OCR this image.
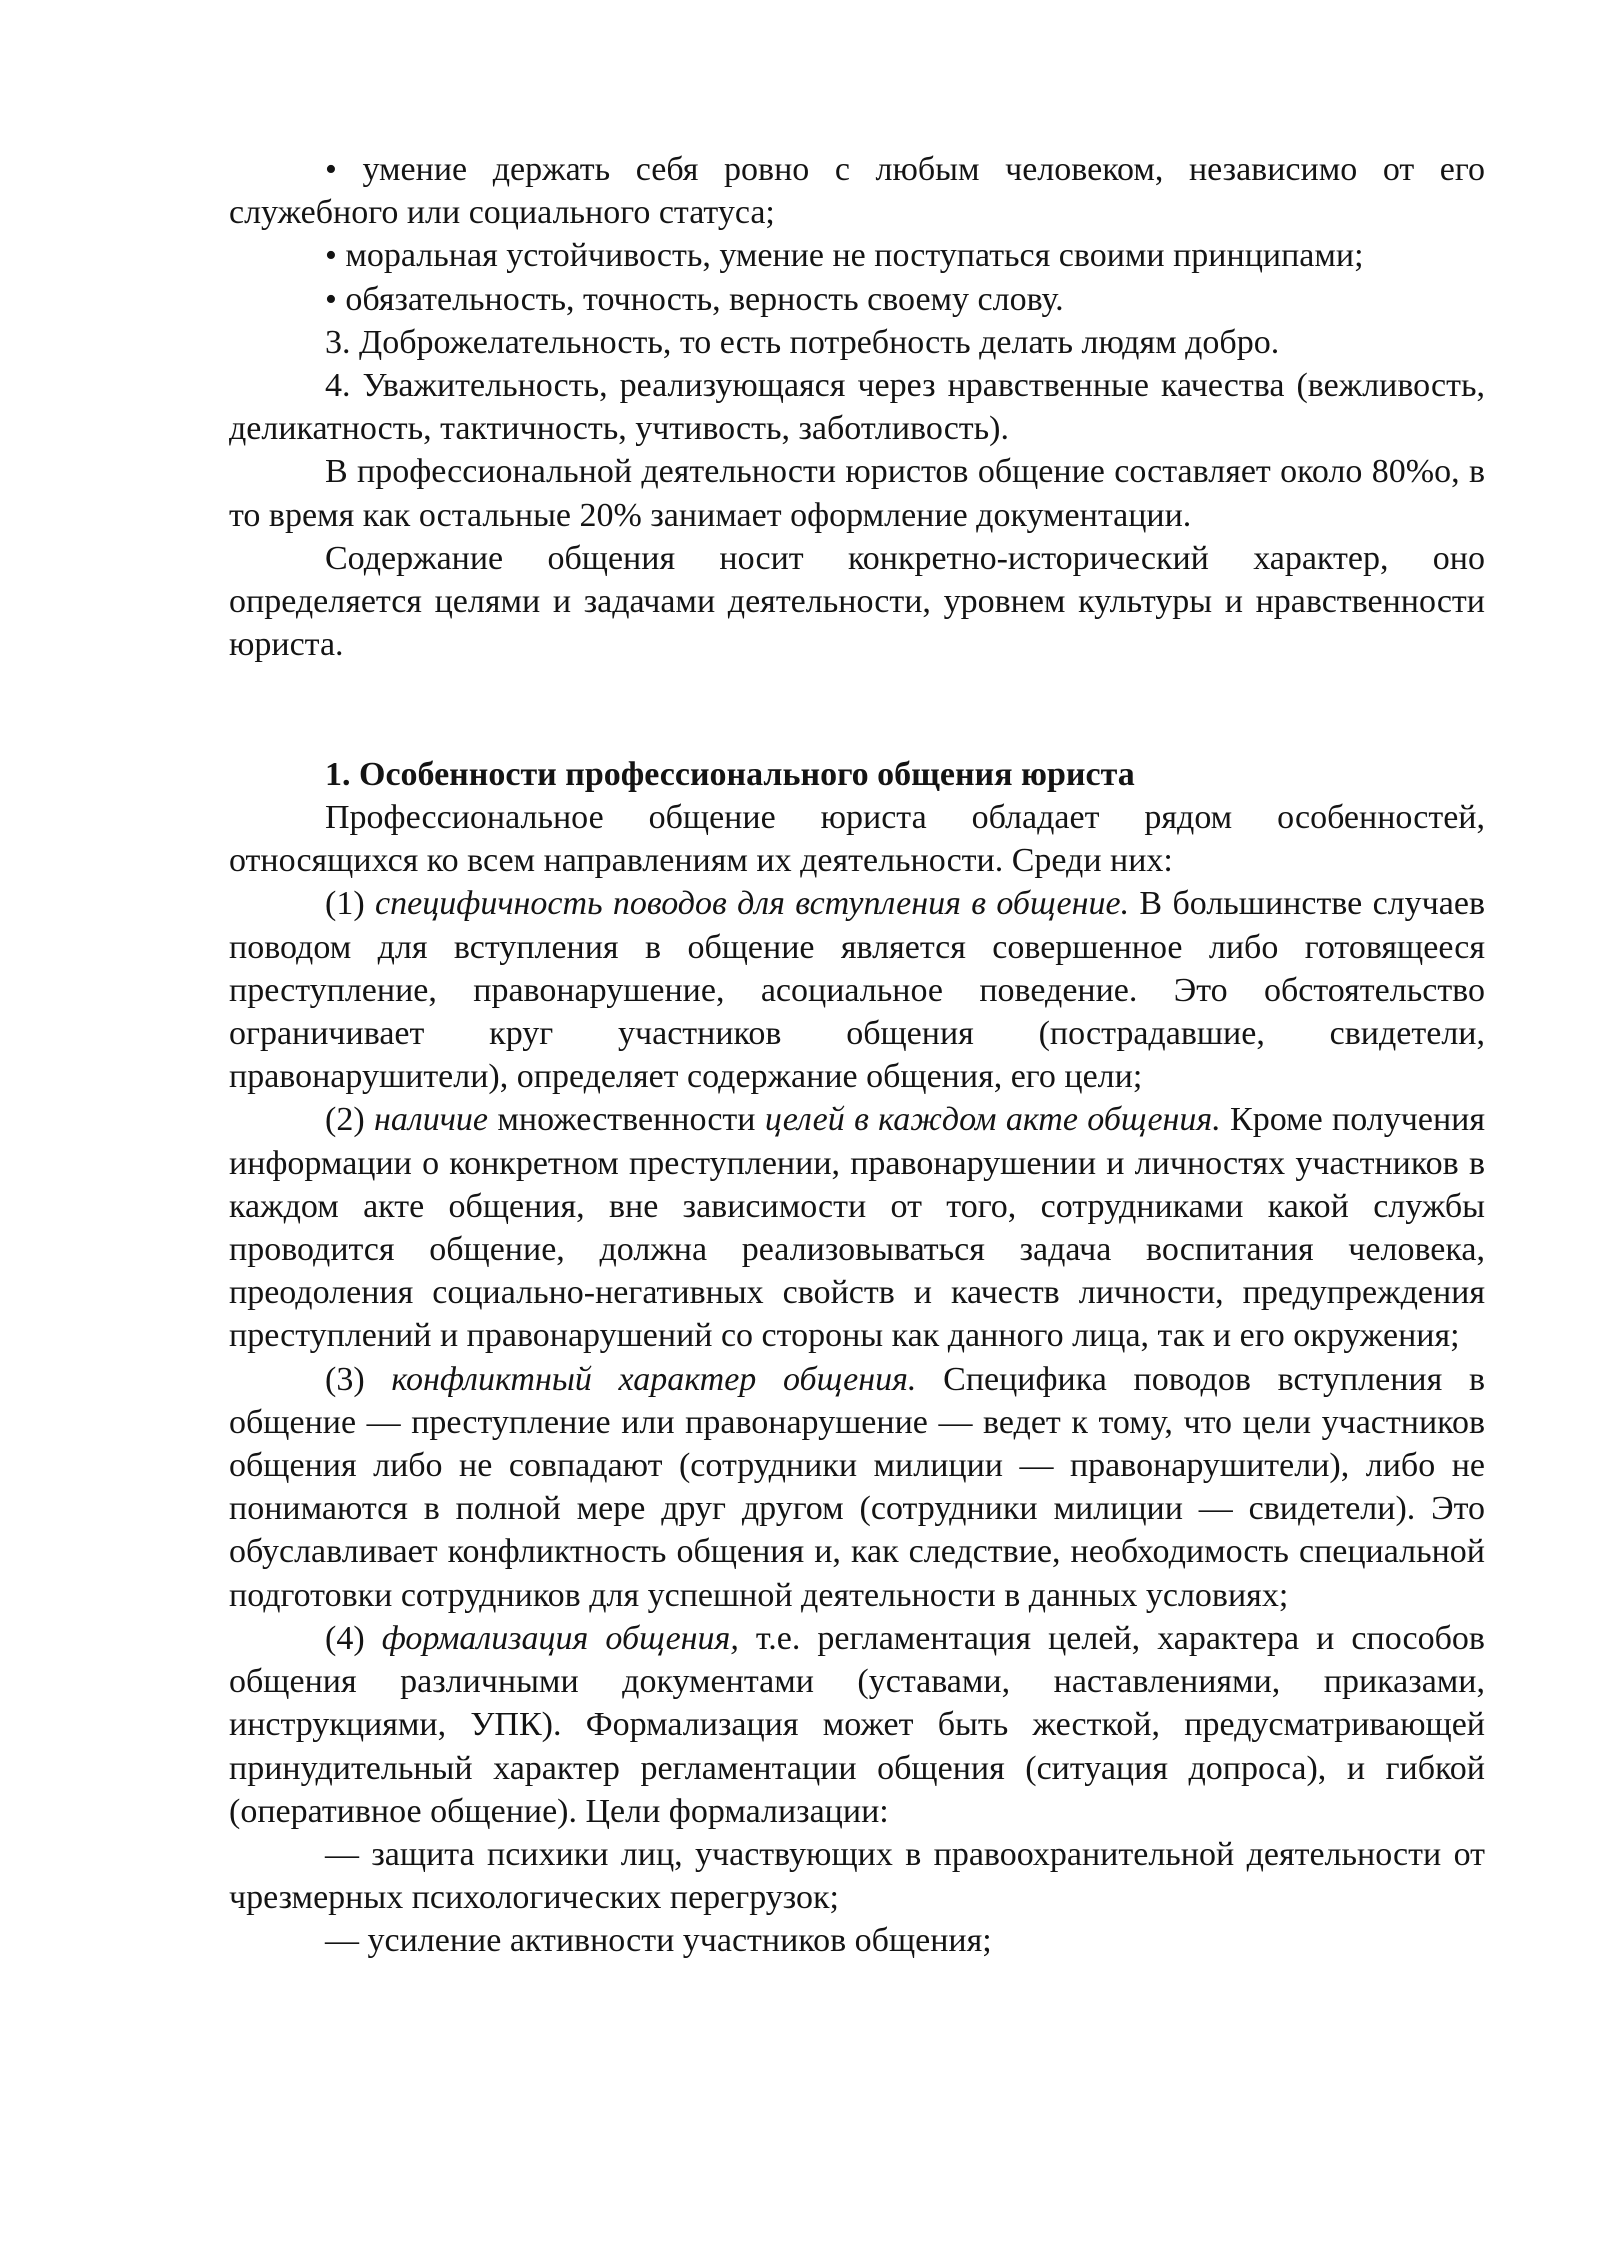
• умение держать себя ровно с любым человеком, независимо от его служебного или социального статуса;

• моральная устойчивость, умение не поступаться своими принципами;

• обязательность, точность, верность своему слову.

3. Доброжелательность, то есть потребность делать людям добро.

4. Уважительность, реализующаяся через нравственные качества (вежливость, деликатность, тактичность, учтивость, заботливость).

В профессиональной деятельности юристов общение составляет около 80%о, в то время как остальные 20% занимает оформление документации.

Содержание общения носит конкретно-исторический характер, оно определяется целями и задачами деятельности, уровнем культуры и нравственности юриста.

1. Особенности профессионального общения юриста

Профессиональное общение юриста обладает рядом особенностей, относящихся ко всем направлениям их деятельности. Среди них:

(1) специфичность поводов для вступления в общение. В большинстве случаев поводом для вступления в общение является совершенное либо готовящееся преступление, правонарушение, асоциальное поведение. Это обстоятельство ограничивает круг участников общения (пострадавшие, свидетели, правонарушители), определяет содержание общения, его цели;

(2) наличие множественности целей в каждом акте общения. Кроме получения информации о конкретном преступлении, правонарушении и личностях участников в каждом акте общения, вне зависимости от того, сотрудниками какой службы проводится общение, должна реализовываться задача воспитания человека, преодоления социально-негативных свойств и качеств личности, предупреждения преступлений и правонарушений со стороны как данного лица, так и его окружения;

(3) конфликтный характер общения. Специфика поводов вступления в общение — преступление или правонарушение — ведет к тому, что цели участников общения либо не совпадают (сотрудники милиции — правонарушители), либо не понимаются в полной мере друг другом (сотрудники милиции — свидетели). Это обуславливает конфликтность общения и, как следствие, необходимость специальной подготовки сотрудников для успешной деятельности в данных условиях;

(4) формализация общения, т.е. регламентация целей, характера и способов общения различными документами (уставами, наставлениями, приказами, инструкциями, УПК). Формализация может быть жесткой, предусматривающей принудительный характер регламентации общения (ситуация допроса), и гибкой (оперативное общение). Цели формализации:

— защита психики лиц, участвующих в правоохранительной деятельности от чрезмерных психологических перегрузок;

— усиление активности участников общения;
